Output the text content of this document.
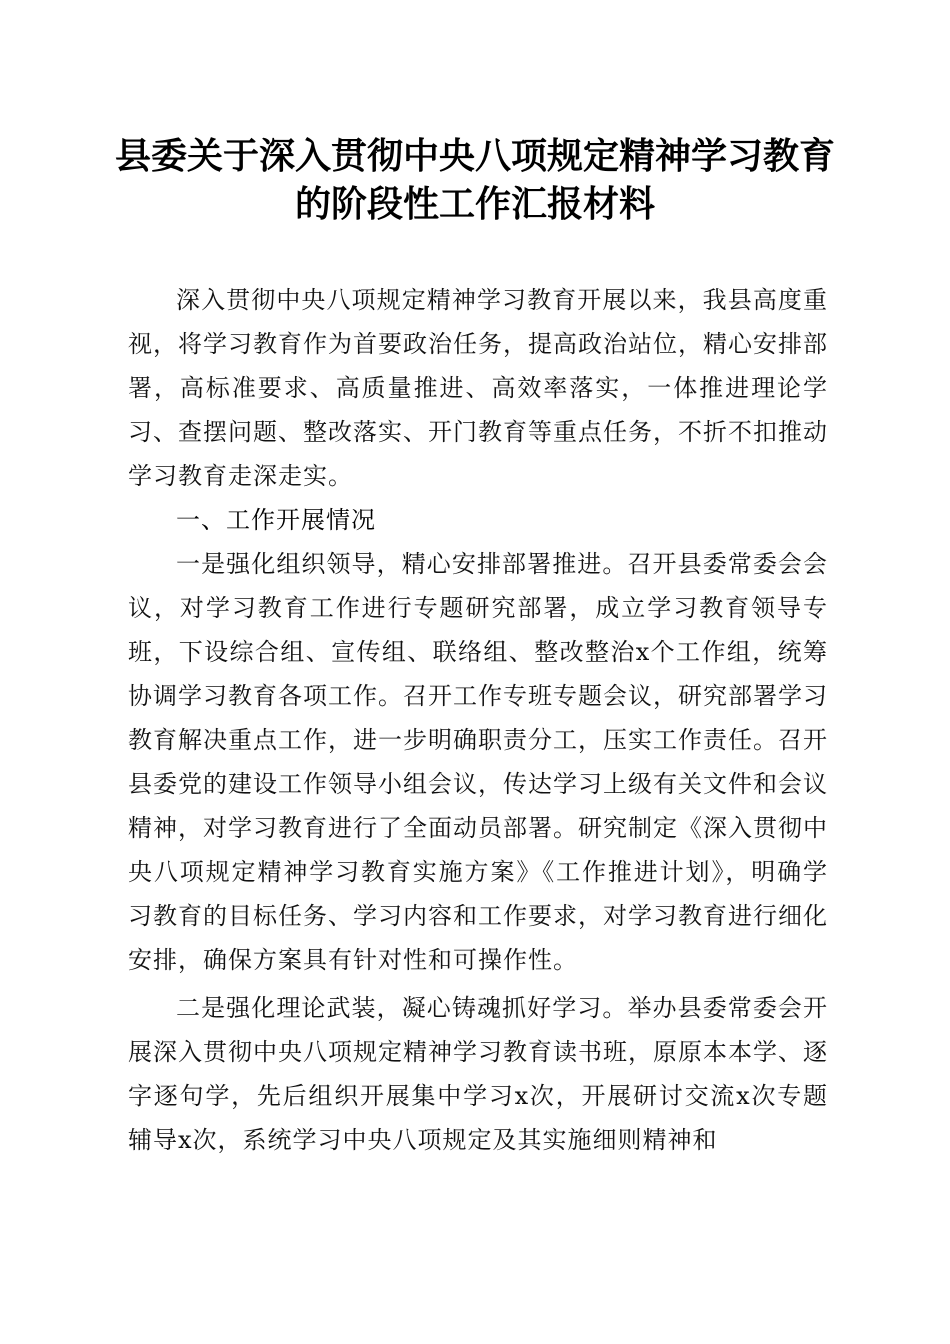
县委关于深入贯彻中央八项规定精神学习教育
的阶段性工作汇报材料

深入贯彻中央八项规定精神学习教育开展以来，我县高度重视，将学习教育作为首要政治任务，提高政治站位，精心安排部署，高标准要求、高质量推进、高效率落实，一体推进理论学习、查摆问题、整改落实、开门教育等重点任务，不折不扣推动学习教育走深走实。

一、工作开展情况

一是强化组织领导，精心安排部署推进。召开县委常委会会议，对学习教育工作进行专题研究部署，成立学习教育领导专班，下设综合组、宣传组、联络组、整改整治x个工作组，统筹协调学习教育各项工作。召开工作专班专题会议，研究部署学习教育解决重点工作，进一步明确职责分工，压实工作责任。召开县委党的建设工作领导小组会议，传达学习上级有关文件和会议精神，对学习教育进行了全面动员部署。研究制定《深入贯彻中央八项规定精神学习教育实施方案》《工作推进计划》，明确学习教育的目标任务、学习内容和工作要求，对学习教育进行细化安排，确保方案具有针对性和可操作性。

二是强化理论武装，凝心铸魂抓好学习。举办县委常委会开展深入贯彻中央八项规定精神学习教育读书班，原原本本学、逐字逐句学，先后组织开展集中学习x次，开展研讨交流x次专题辅导x次，系统学习中央八项规定及其实施细则精神和
